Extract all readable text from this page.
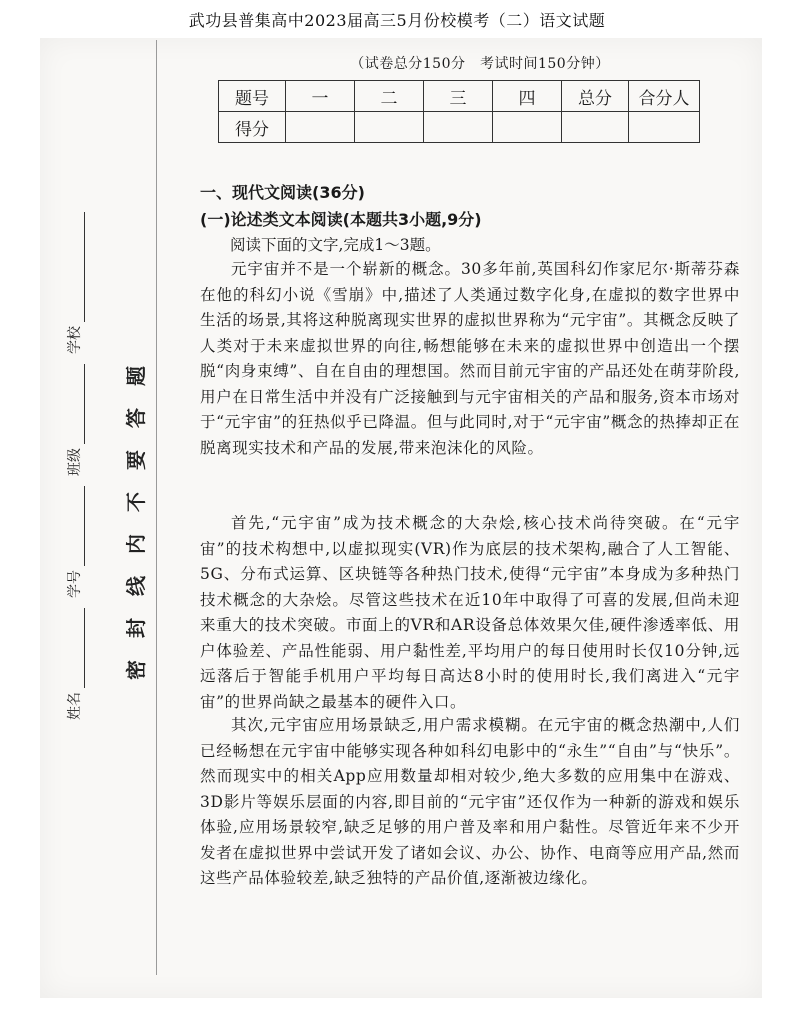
武功县普集高中2023届高三5月份校模考（二）语文试题
姓名
学号
班级
学校
密封线内不要答题
（试卷总分150分　考试时间150分钟）
题号	一	二	三	四	总分	合分人
得分						
一、现代文阅读(36分)
(一)论述类文本阅读(本题共3小题,9分)
阅读下面的文字,完成1～3题。
元宇宙并不是一个崭新的概念。30多年前,英国科幻作家尼尔·斯蒂芬森在他的科幻小说《雪崩》中,描述了人类通过数字化身,在虚拟的数字世界中生活的场景,其将这种脱离现实世界的虚拟世界称为“元宇宙”。其概念反映了人类对于未来虚拟世界的向往,畅想能够在未来的虚拟世界中创造出一个摆脱“肉身束缚”、自在自由的理想国。然而目前元宇宙的产品还处在萌芽阶段,用户在日常生活中并没有广泛接触到与元宇宙相关的产品和服务,资本市场对于“元宇宙”的狂热似乎已降温。但与此同时,对于“元宇宙”概念的热捧却正在脱离现实技术和产品的发展,带来泡沫化的风险。
首先,“元宇宙”成为技术概念的大杂烩,核心技术尚待突破。在“元宇宙”的技术构想中,以虚拟现实(VR)作为底层的技术架构,融合了人工智能、5G、分布式运算、区块链等各种热门技术,使得“元宇宙”本身成为多种热门技术概念的大杂烩。尽管这些技术在近10年中取得了可喜的发展,但尚未迎来重大的技术突破。市面上的VR和AR设备总体效果欠佳,硬件渗透率低、用户体验差、产品性能弱、用户黏性差,平均用户的每日使用时长仅10分钟,远远落后于智能手机用户平均每日高达8小时的使用时长,我们离进入“元宇宙”的世界尚缺之最基本的硬件入口。
其次,元宇宙应用场景缺乏,用户需求模糊。在元宇宙的概念热潮中,人们已经畅想在元宇宙中能够实现各种如科幻电影中的“永生”“自由”与“快乐”。然而现实中的相关App应用数量却相对较少,绝大多数的应用集中在游戏、3D影片等娱乐层面的内容,即目前的“元宇宙”还仅作为一种新的游戏和娱乐体验,应用场景较窄,缺乏足够的用户普及率和用户黏性。尽管近年来不少开发者在虚拟世界中尝试开发了诸如会议、办公、协作、电商等应用产品,然而这些产品体验较差,缺乏独特的产品价值,逐渐被边缘化。
